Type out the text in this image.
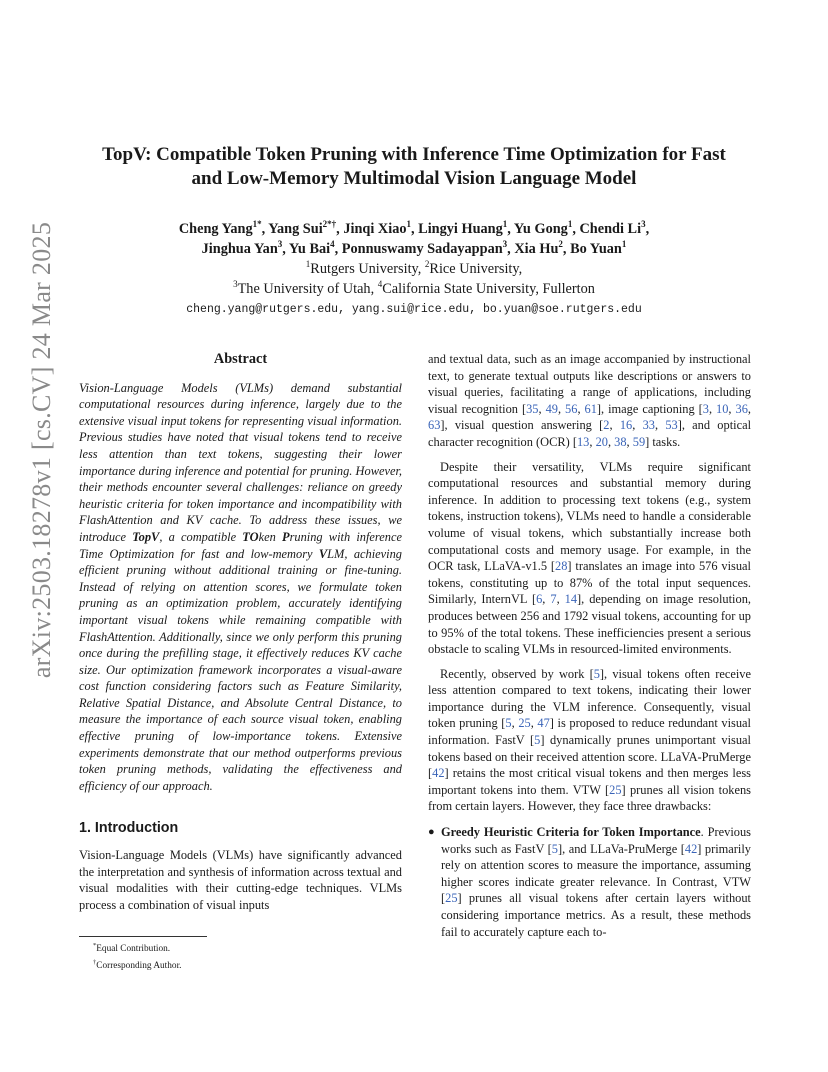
arXiv:2503.18278v1 [cs.CV] 24 Mar 2025
TopV: Compatible Token Pruning with Inference Time Optimization for Fast
and Low-Memory Multimodal Vision Language Model
Cheng Yang$^{1*}$, Yang Sui$^{2*\dagger}$, Jinqi Xiao$^1$, Lingyi Huang$^1$, Yu Gong$^1$, Chendi Li$^3$,
Jinghua Yan$^3$, Yu Bai$^4$, Ponnuswamy Sadayappan$^3$, Xia Hu$^2$, Bo Yuan$^1$
$^1$Rutgers University, $^2$Rice University,
$^3$The University of Utah, $^4$California State University, Fullerton
cheng.yang@rutgers.edu, yang.sui@rice.edu, bo.yuan@soe.rutgers.edu
Abstract

Vision-Language Models (VLMs) demand substantial computational resources during inference, largely due to the extensive visual input tokens for representing visual information. Previous studies have noted that visual tokens tend to receive less attention than text tokens, suggesting their lower importance during inference and potential for pruning. However, their methods encounter several challenges: reliance on greedy heuristic criteria for token importance and incompatibility with FlashAttention and KV cache. To address these issues, we introduce TopV, a compatible TOken Pruning with inference Time Optimization for fast and low-memory VLM, achieving efficient pruning without additional training or fine-tuning. Instead of relying on attention scores, we formulate token pruning as an optimization problem, accurately identifying important visual tokens while remaining compatible with FlashAttention. Additionally, since we only perform this pruning once during the prefilling stage, it effectively reduces KV cache size. Our optimization framework incorporates a visual-aware cost function considering factors such as Feature Similarity, Relative Spatial Distance, and Absolute Central Distance, to measure the importance of each source visual token, enabling effective pruning of low-importance tokens. Extensive experiments demonstrate that our method outperforms previous token pruning methods, validating the effectiveness and efficiency of our approach.

1. Introduction

Vision-Language Models (VLMs) have significantly advanced the interpretation and synthesis of information across textual and visual modalities with their cutting-edge techniques. VLMs process a combination of visual inputs

*Equal Contribution.
†Corresponding Author.

and textual data, such as an image accompanied by instructional text, to generate textual outputs like descriptions or answers to visual queries, facilitating a range of applications, including visual recognition [35, 49, 56, 61], image captioning [3, 10, 36, 63], visual question answering [2, 16, 33, 53], and optical character recognition (OCR) [13, 20, 38, 59] tasks.

Despite their versatility, VLMs require significant computational resources and substantial memory during inference. In addition to processing text tokens (e.g., system tokens, instruction tokens), VLMs need to handle a considerable volume of visual tokens, which substantially increase both computational costs and memory usage. For example, in the OCR task, LLaVA-v1.5 [28] translates an image into 576 visual tokens, constituting up to 87% of the total input sequences. Similarly, InternVL [6, 7, 14], depending on image resolution, produces between 256 and 1792 visual tokens, accounting for up to 95% of the total tokens. These inefficiencies present a serious obstacle to scaling VLMs in resourced-limited environments.

Recently, observed by work [5], visual tokens often receive less attention compared to text tokens, indicating their lower importance during the VLM inference. Consequently, visual token pruning [5, 25, 47] is proposed to reduce redundant visual information. FastV [5] dynamically prunes unimportant visual tokens based on their received attention score. LLaVA-PruMerge [42] retains the most critical visual tokens and then merges less important tokens into them. VTW [25] prunes all vision tokens from certain layers. However, they face three drawbacks:

● Greedy Heuristic Criteria for Token Importance. Previous works such as FastV [5], and LLaVa-PruMerge [42] primarily rely on attention scores to measure the importance, assuming higher scores indicate greater relevance. In Contrast, VTW [25] prunes all visual tokens after certain layers without considering importance metrics. As a result, these methods fail to accurately capture each to-
